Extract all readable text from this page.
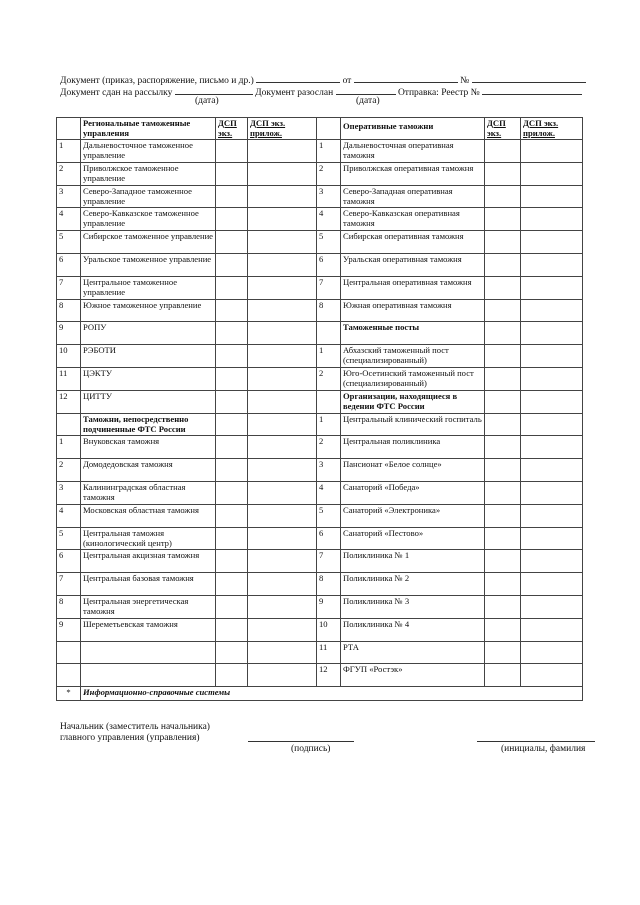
Документ (приказ, распоряжение, письмо и др.)	от	№
Документ сдан на рассылку	Документ разослан	Отправка: Реестр №
(дата)	(дата)
	Региональные таможенные управления	ДСП экз.	ДСП экз. прилож.		Оперативные таможни	ДСП экз.	ДСП экз. прилож.
1	Дальневосточное таможенное управление			1	Дальневосточная оперативная таможня		
2	Приволжское таможенное управление			2	Приволжская оперативная таможня		
3	Северо-Западное таможенное управление			3	Северо-Западная оперативная таможня		
4	Северо-Кавказское таможенное управление			4	Северо-Кавказская оперативная таможня		
5	Сибирское таможенное управление			5	Сибирская оперативная таможня		
6	Уральское таможенное управление			6	Уральская оперативная таможня		
7	Центральное таможенное управление			7	Центральная оперативная таможня		
8	Южное таможенное управление			8	Южная оперативная таможня		
9	РОПУ				Таможенные посты		
10	РЭБОТИ			1	Абхазский таможенный пост (специализированный)		
11	ЦЭКТУ			2	Юго-Осетинский таможенный пост (специализированный)		
12	ЦИТТУ				Организации, находящиеся в ведении ФТС России		
	Таможни, непосредственно подчиненные ФТС России			1	Центральный клинический госпиталь		
1	Внуковская таможня			2	Центральная поликлиника		
2	Домодедовская таможня			3	Пансионат «Белое солнце»		
3	Калининградская областная таможня			4	Санаторий «Победа»		
4	Московская областная таможня			5	Санаторий «Электроника»		
5	Центральная таможня (кинологический центр)			6	Санаторий «Пестово»		
6	Центральная акцизная таможня			7	Поликлиника № 1		
7	Центральная базовая таможня			8	Поликлиника № 2		
8	Центральная энергетическая таможня			9	Поликлиника № 3		
9	Шереметьевская таможня			10	Поликлиника № 4		
				11	РТА		
				12	ФГУП «Ростэк»		
*	Информационно-справочные системы						
Начальник (заместитель начальника)
главного управления (управления)
(подпись)	(инициалы, фамилия
